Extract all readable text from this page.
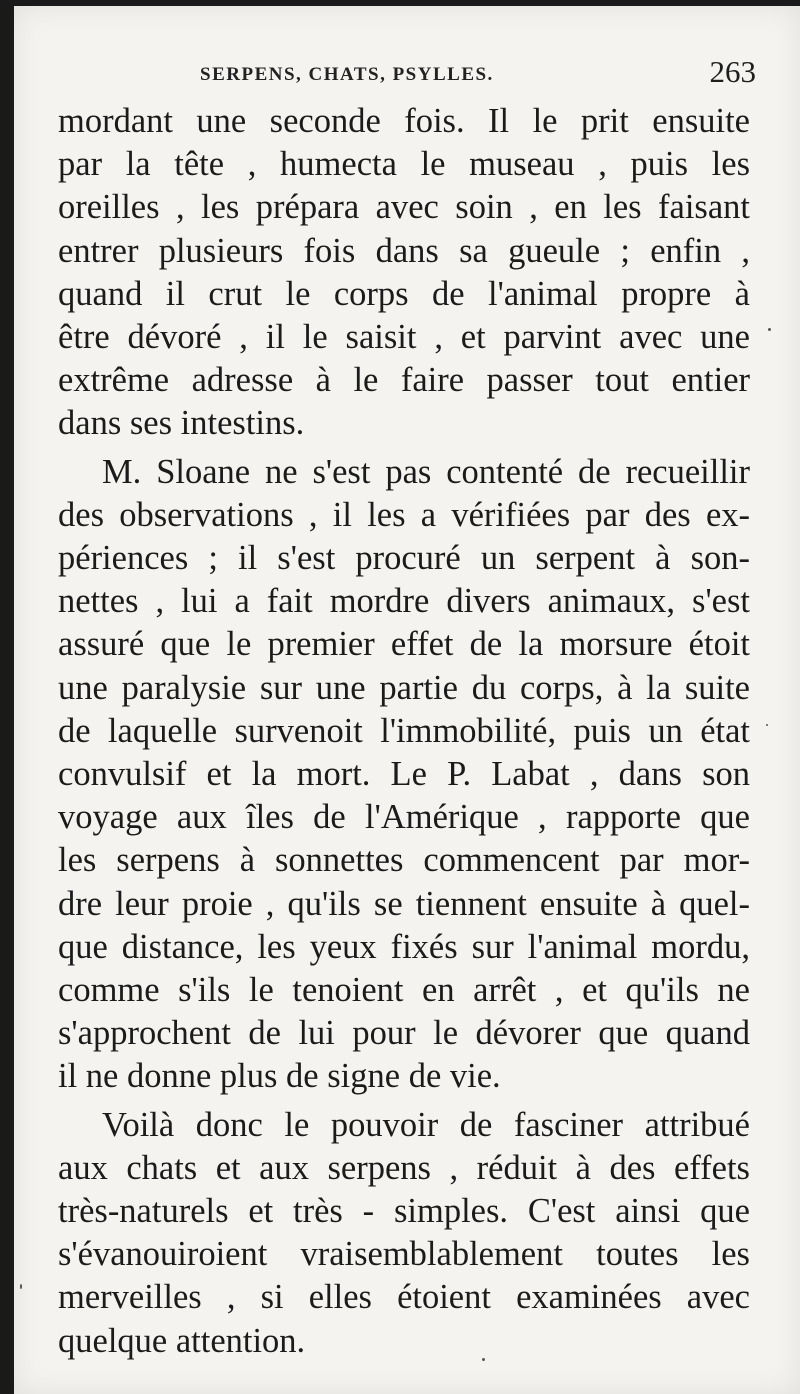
SERPENS, CHATS, PSYLLES.	263
mordant une seconde fois. Il le prit ensuite
par la tête , humecta le museau , puis les
oreilles , les prépara avec soin , en les faisant
entrer plusieurs fois dans sa gueule ; enfin ,
quand il crut le corps de l'animal propre à
être dévoré , il le saisit , et parvint avec une
extrême adresse à le faire passer tout entier
dans ses intestins.
M. Sloane ne s'est pas contenté de recueillir
des observations , il les a vérifiées par des ex-
périences ; il s'est procuré un serpent à son-
nettes , lui a fait mordre divers animaux, s'est
assuré que le premier effet de la morsure étoit
une paralysie sur une partie du corps, à la suite
de laquelle survenoit l'immobilité, puis un état
convulsif et la mort. Le P. Labat , dans son
voyage aux îles de l'Amérique , rapporte que
les serpens à sonnettes commencent par mor-
dre leur proie , qu'ils se tiennent ensuite à quel-
que distance, les yeux fixés sur l'animal mordu,
comme s'ils le tenoient en arrêt , et qu'ils ne
s'approchent de lui pour le dévorer que quand
il ne donne plus de signe de vie.
Voilà donc le pouvoir de fasciner attribué
aux chats et aux serpens , réduit à des effets
très-naturels et très - simples. C'est ainsi que
s'évanouiroient vraisemblablement toutes les
merveilles , si elles étoient examinées avec
quelque attention.
